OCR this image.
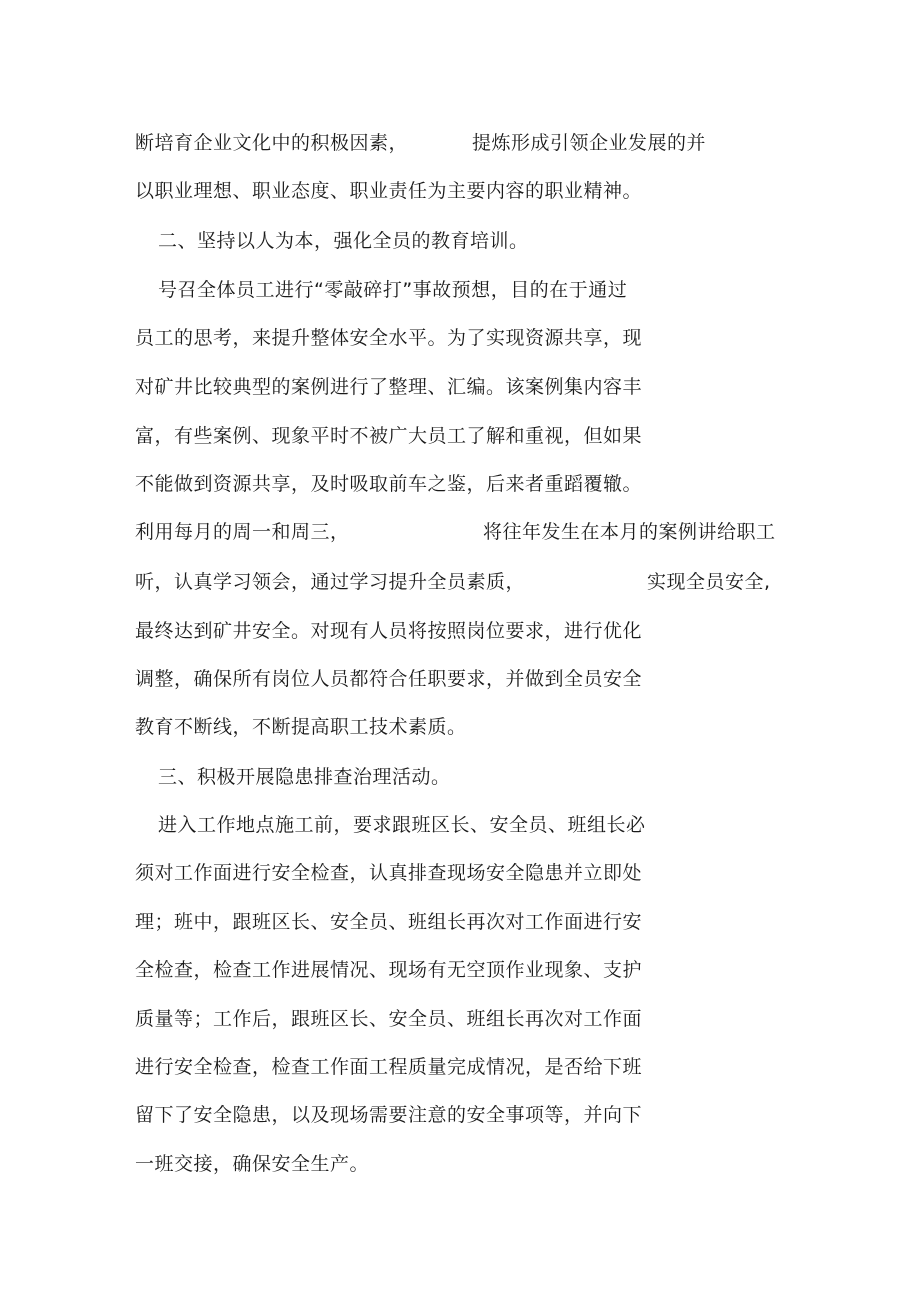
断培育企业文化中的积极因素，	提炼形成引领企业发展的并
以职业理想、职业态度、职业责任为主要内容的职业精神。
二、坚持以人为本，强化全员的教育培训。
号召全体员工进行“零敲碎打”事故预想，目的在于通过
员工的思考，来提升整体安全水平。为了实现资源共享，现
对矿井比较典型的案例进行了整理、汇编。该案例集内容丰
富，有些案例、现象平时不被广大员工了解和重视，但如果
不能做到资源共享，及时吸取前车之鉴，后来者重蹈覆辙。
利用每月的周一和周三，	将往年发生在本月的案例讲给职工
听，认真学习领会，通过学习提升全员素质，	实现全员安全,
最终达到矿井安全。对现有人员将按照岗位要求，进行优化
调整，确保所有岗位人员都符合任职要求，并做到全员安全
教育不断线，不断提高职工技术素质。
三、积极开展隐患排查治理活动。
进入工作地点施工前，要求跟班区长、安全员、班组长必
须对工作面进行安全检查，认真排查现场安全隐患并立即处
理；班中，跟班区长、安全员、班组长再次对工作面进行安
全检查，检查工作进展情况、现场有无空顶作业现象、支护
质量等；工作后，跟班区长、安全员、班组长再次对工作面
进行安全检查，检查工作面工程质量完成情况，是否给下班
留下了安全隐患，以及现场需要注意的安全事项等，并向下
一班交接，确保安全生产。
